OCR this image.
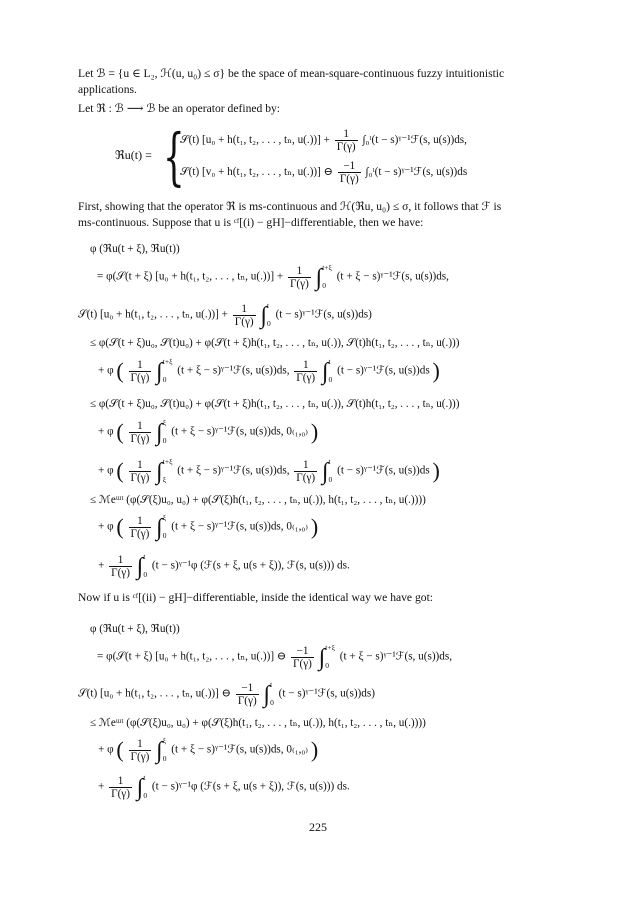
Let ℬ = {u ∈ L₂, ℋ(u, u₀) ≤ σ} be the space of mean-square-continuous fuzzy intuitionistic
applications.
Let ℜ : ℬ ⟶ ℬ be an operator defined by:
ℜu(t) = {
𝒮(t) [u₀ + h(t₁, t₂, . . . , tₙ, $u(.))] + \frac{1}{\Gamma(\gamma)}$ ∫₀ᵗ(t − s)ᵞ⁻¹ℱ(s, u(s))ds,
𝒮(t) [v₀ + h(t₁, t₂, . . . , tₙ, u(.))] ⊖ $\frac{-1}{\Gamma(\gamma)}$ ∫₀ᵗ(t − s)ᵞ⁻¹ℱ(s, u(s))ds
First, showing that the operator ℜ is ms-continuous and ℋ(ℜu, u₀) ≤ σ, it follows that ℱ is
ms-continuous. Suppose that u is ᶜᶠ[(i) − gH]−differentiable, then we have:
φ (ℜu(t + ξ), ℜu(t))
= φ(𝒮(t + ξ) [u₀ + h(t₁, t₂, . . . , tₙ, $u(.))] + \frac{1}{\Gamma(\gamma)}$ ∫ t+ξ
0
(t + ξ − s)ᵞ⁻¹ℱ(s, u(s))ds,
𝒮(t) [u₀ + h(t₁, t₂, . . . , tₙ, $u(.))] + \frac{1}{\Gamma(\gamma)}$ ∫ t
0
(t − s)ᵞ⁻¹ℱ(s, u(s))ds)
≤ φ(𝒮(t + ξ)u₀, 𝒮(t)u₀) + φ(𝒮(t + ξ)h(t₁, t₂, . . . , tₙ, u(.)), 𝒮(t)h(t₁, t₂, . . . , tₙ, u(.)))
+ φ ( $\frac{1}{\Gamma(\gamma)}$ ∫ t+ξ
0
(t + ξ − s)ᵞ⁻¹ℱ(s, u(s))ds, $\frac{1}{\Gamma(\gamma)}$ ∫ t
0
(t − s)ᵞ⁻¹ℱ(s, u(s))ds )
≤ φ(𝒮(t + ξ)u₀, 𝒮(t)u₀) + φ(𝒮(t + ξ)h(t₁, t₂, . . . , tₙ, u(.)), 𝒮(t)h(t₁, t₂, . . . , tₙ, u(.)))
+ φ ( $\frac{1}{\Gamma(\gamma)}$ ∫ ξ
0
(t + ξ − s)ᵞ⁻¹ℱ(s, u(s))ds, 0₍₁,₀₎ )
+ φ ( $\frac{1}{\Gamma(\gamma)}$ ∫ t+ξ
ξ
(t + ξ − s)ᵞ⁻¹ℱ(s, u(s))ds, $\frac{1}{\Gamma(\gamma)}$ ∫ t
0
(t − s)ᵞ⁻¹ℱ(s, u(s))ds )
≤ ℳeᵚᵗ (φ(𝒮(ξ)u₀, u₀) + φ(𝒮(ξ)h(t₁, t₂, . . . , tₙ, u(.)), h(t₁, t₂, . . . , tₙ, u(.))))
+ φ ( $\frac{1}{\Gamma(\gamma)}$ ∫ ξ
0
(t + ξ − s)ᵞ⁻¹ℱ(s, u(s))ds, 0₍₁,₀₎ )
+ $\frac{1}{\Gamma(\gamma)}$ ∫ t
0
(t − s)ᵞ⁻¹φ (ℱ(s + ξ, u(s + ξ)), ℱ(s, u(s))) ds.
Now if u is ᶜᶠ[(ii) − gH]−differentiable, inside the identical way we have got:
φ (ℜu(t + ξ), ℜu(t))
= φ(𝒮(t + ξ) [u₀ + h(t₁, t₂, . . . , tₙ, u(.))] ⊖ $\frac{-1}{\Gamma(\gamma)}$ ∫ t+ξ
0
(t + ξ − s)ᵞ⁻¹ℱ(s, u(s))ds,
𝒮(t) [u₀ + h(t₁, t₂, . . . , tₙ, u(.))] ⊖ $\frac{-1}{\Gamma(\gamma)}$ ∫ t
0
(t − s)ᵞ⁻¹ℱ(s, u(s))ds)
≤ ℳeᵚᵗ (φ(𝒮(ξ)u₀, u₀) + φ(𝒮(ξ)h(t₁, t₂, . . . , tₙ, u(.)), h(t₁, t₂, . . . , tₙ, u(.))))
+ φ ( $\frac{1}{\Gamma(\gamma)}$ ∫ ξ
0
(t + ξ − s)ᵞ⁻¹ℱ(s, u(s))ds, 0₍₁,₀₎ )
+ $\frac{1}{\Gamma(\gamma)}$ ∫ t
0
(t − s)ᵞ⁻¹φ (ℱ(s + ξ, u(s + ξ)), ℱ(s, u(s))) ds.
225
